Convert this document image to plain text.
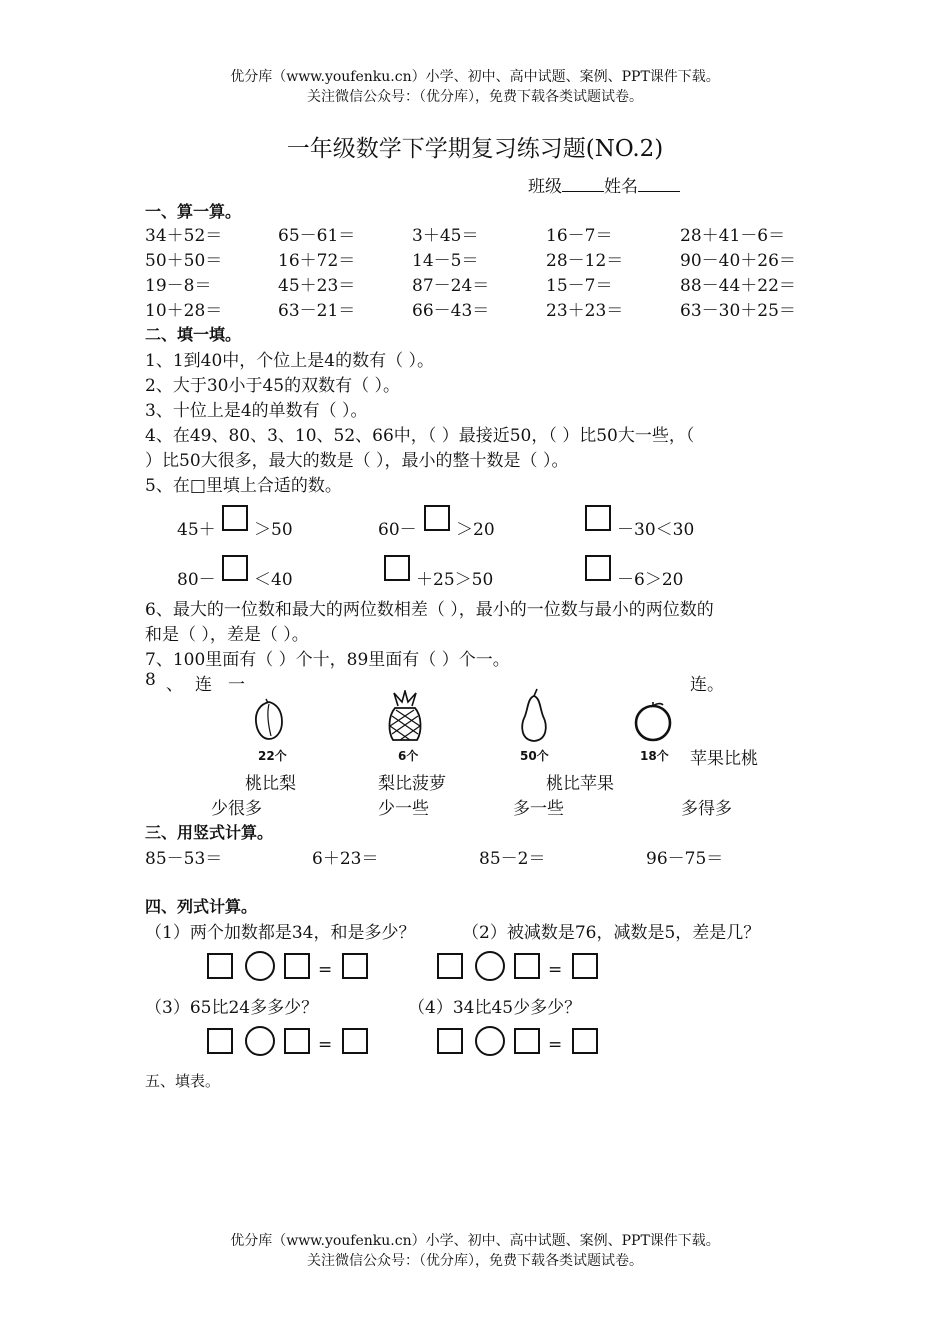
优分库（www.youfenku.cn）小学、初中、高中试题、案例、PPT课件下载。
关注微信公众号：（优分库），免费下载各类试题试卷。
一年级数学下学期复习练习题(NO.2)
班级 姓名
一、算一算。
34＋52＝	65－61＝	3＋45＝	16－7＝	28＋41－6＝
50＋50＝	16＋72＝	14－5＝	28－12＝	90－40＋26＝
19－8＝	45＋23＝	87－24＝	15－7＝	88－44＋22＝
10＋28＝	63－21＝	66－43＝	23＋23＝	63－30＋25＝
二、填一填。
1、1到40中，个位上是4的数有（ ）。
2、大于30小于45的双数有（ ）。
3、十位上是4的单数有（ ）。
4、在49、80、3、10、52、66中，（ ）最接近50，（ ）比50大一些，（
）比50大很多，最大的数是（ ），最小的整十数是（ ）。
5、在□里填上合适的数。
45＋ ＞50	60－ ＞20	－30＜30
80－ ＜40	＋25＞50	－6＞20
6、最大的一位数和最大的两位数相差（ ），最小的一位数与最小的两位数的
和是（ ），差是（ ）。
7、100里面有（ ）个十，89里面有（ ）个一。
8 、 连 一	连。
22个	6个	50个	18个 苹果比桃
桃比梨	梨比菠萝	桃比苹果
少很多	少一些	多一些	多得多
三、用竖式计算。
85－53＝	6＋23＝	85－2＝	96－75＝
四、列式计算。
（1）两个加数都是34，和是多少？	（2）被减数是76，减数是5，差是几？
=	=
（3）65比24多多少？	（4）34比45少多少？
=	=
五、填表。
优分库（www.youfenku.cn）小学、初中、高中试题、案例、PPT课件下载。
关注微信公众号：（优分库），免费下载各类试题试卷。
